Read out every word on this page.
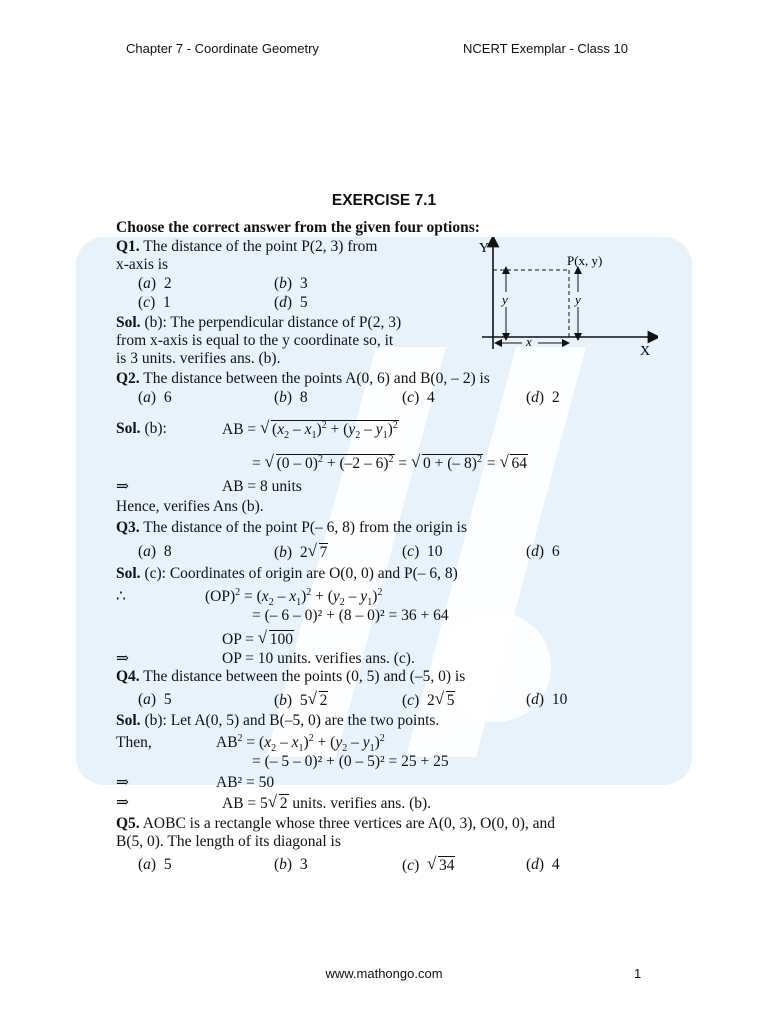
Chapter 7 - Coordinate Geometry	NCERT Exemplar - Class 10
EXERCISE 7.1
Choose the correct answer from the given four options:
Q1. The distance of the point P(2, 3) from
x-axis is
(a)  2	(b)  3
(c)  1	(d)  5
Sol. (b): The perpendicular distance of P(2, 3)
from x-axis is equal to the y coordinate so, it
is 3 units. verifies ans. (b).
Y
X
P(x, y)
y	y
x
Q2. The distance between the points A(0, 6) and B(0, – 2) is
(a)  6	(b)  8	(c)  4	(d)  2
Sol. (b):	AB = √ $(x_2 - x_1)^2 + (y_2 - y_1)^2$
= √ (0 – 0)$^2$ + (–2 – 6)$^2$ = √ 0 + (– 8)$^2$ = √ 64
⇒	AB = 8 units
Hence, verifies Ans (b).
Q3. The distance of the point P(– 6, 8) from the origin is
(a)  8	(b)  2 √ 7	(c)  10	(d)  6
Sol. (c): Coordinates of origin are O(0, 0) and P(– 6, 8)
∴	$(OP)^2 = (x_2 - x_1)^2 + (y_2 - y_1)^2$
= (– 6 – 0)² + (8 – 0)² = 36 + 64
OP = √ 100
⇒	OP = 10 units. verifies ans. (c).
Q4. The distance between the points (0, 5) and (–5, 0) is
(a)  5	(b)  5 √ 2	(c)  2 √ 5	(d)  10
Sol. (b): Let A(0, 5) and B(–5, 0) are the two points.
Then,	$AB^2 = (x_2 - x_1)^2 + (y_2 - y_1)^2$
= (– 5 – 0)² + (0 – 5)² = 25 + 25
⇒	AB² = 50
⇒	AB = 5 √ 2 units. verifies ans. (b).
Q5. AOBC is a rectangle whose three vertices are A(0, 3), O(0, 0), and
B(5, 0). The length of its diagonal is
(a)  5	(b)  3	(c)  √ 34	(d)  4
www.mathongo.com	1
